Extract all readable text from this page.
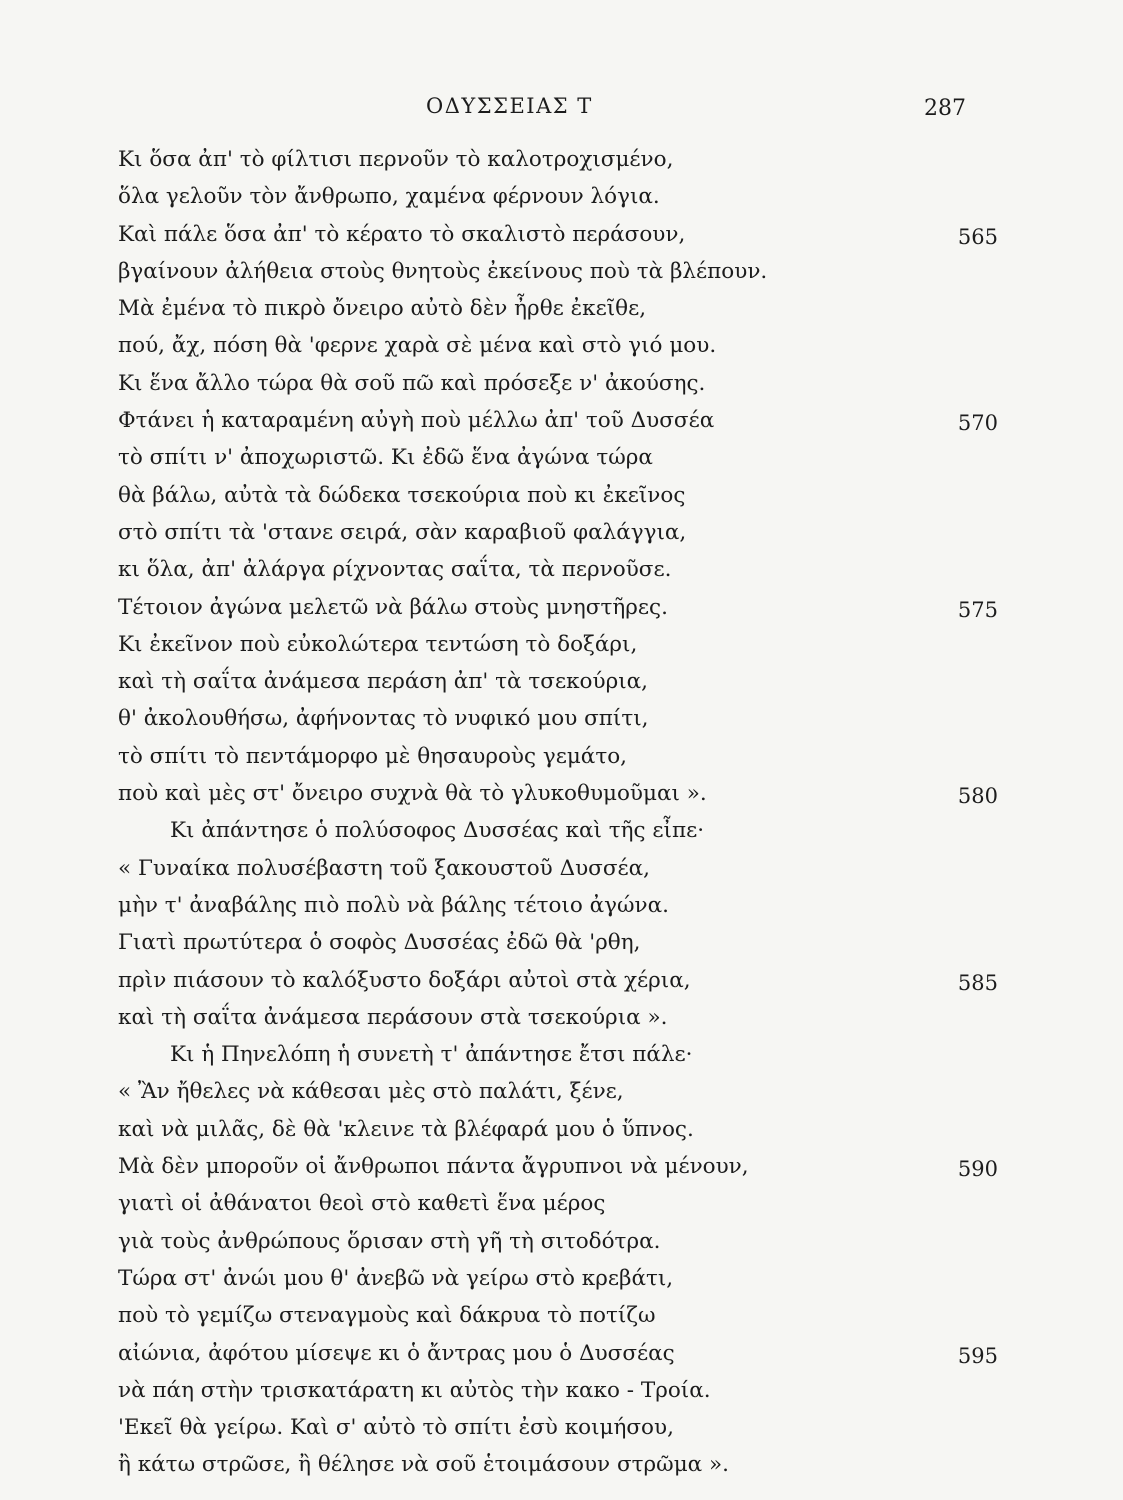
ΟΔΥΣΣΕΙΑΣ Τ	287
Κι ὅσα ἀπ' τὸ φίλτισι περνοῦν τὸ καλοτροχισμένο,
ὅλα γελοῦν τὸν ἄνθρωπο, χαμένα φέρνουν λόγια.
Καὶ πάλε ὅσα ἀπ' τὸ κέρατο τὸ σκαλιστὸ περάσουν,	565
βγαίνουν ἀλήθεια στοὺς θνητοὺς ἐκείνους ποὺ τὰ βλέπουν.
Μὰ ἐμένα τὸ πικρὸ ὄνειρο αὐτὸ δὲν ἦρθε ἐκεῖθε,
πού, ἄχ, πόση θὰ 'φερνε χαρὰ σὲ μένα καὶ στὸ γιό μου.
Κι ἕνα ἄλλο τώρα θὰ σοῦ πῶ καὶ πρόσεξε ν' ἀκούσης.
Φτάνει ἡ καταραμένη αὐγὴ ποὺ μέλλω ἀπ' τοῦ Δυσσέα	570
τὸ σπίτι ν' ἀποχωριστῶ. Κι ἐδῶ ἕνα ἀγώνα τώρα
θὰ βάλω, αὐτὰ τὰ δώδεκα τσεκούρια ποὺ κι ἐκεῖνος
στὸ σπίτι τὰ 'στανε σειρά, σὰν καραβιοῦ φαλάγγια,
κι ὅλα, ἀπ' ἀλάργα ρίχνοντας σαΐτα, τὰ περνοῦσε.
Τέτοιον ἀγώνα μελετῶ νὰ βάλω στοὺς μνηστῆρες.	575
Κι ἐκεῖνον ποὺ εὐκολώτερα τεντώση τὸ δοξάρι,
καὶ τὴ σαΐτα ἀνάμεσα περάση ἀπ' τὰ τσεκούρια,
θ' ἀκολουθήσω, ἀφήνοντας τὸ νυφικό μου σπίτι,
τὸ σπίτι τὸ πεντάμορφο μὲ θησαυροὺς γεμάτο,
ποὺ καὶ μὲς στ' ὄνειρο συχνὰ θὰ τὸ γλυκοθυμοῦμαι ».	580
Κι ἀπάντησε ὁ πολύσοφος Δυσσέας καὶ τῆς εἶπε·
« Γυναίκα πολυσέβαστη τοῦ ξακουστοῦ Δυσσέα,
μὴν τ' ἀναβάλης πιὸ πολὺ νὰ βάλης τέτοιο ἀγώνα.
Γιατὶ πρωτύτερα ὁ σοφὸς Δυσσέας ἐδῶ θὰ 'ρθη,
πρὶν πιάσουν τὸ καλόξυστο δοξάρι αὐτοὶ στὰ χέρια,	585
καὶ τὴ σαΐτα ἀνάμεσα περάσουν στὰ τσεκούρια ».
Κι ἡ Πηνελόπη ἡ συνετὴ τ' ἀπάντησε ἔτσι πάλε·
« Ἂν ἤθελες νὰ κάθεσαι μὲς στὸ παλάτι, ξένε,
καὶ νὰ μιλᾶς, δὲ θὰ 'κλεινε τὰ βλέφαρά μου ὁ ὕπνος.
Μὰ δὲν μποροῦν οἱ ἄνθρωποι πάντα ἄγρυπνοι νὰ μένουν,	590
γιατὶ οἱ ἀθάνατοι θεοὶ στὸ καθετὶ ἕνα μέρος
γιὰ τοὺς ἀνθρώπους ὅρισαν στὴ γῆ τὴ σιτοδότρα.
Τώρα στ' ἀνώι μου θ' ἀνεβῶ νὰ γείρω στὸ κρεβάτι,
ποὺ τὸ γεμίζω στεναγμοὺς καὶ δάκρυα τὸ ποτίζω
αἰώνια, ἀφότου μίσεψε κι ὁ ἄντρας μου ὁ Δυσσέας	595
νὰ πάη στὴν τρισκατάρατη κι αὐτὸς τὴν κακο - Τροία.
'Εκεῖ θὰ γείρω. Καὶ σ' αὐτὸ τὸ σπίτι ἐσὺ κοιμήσου,
ἢ κάτω στρῶσε, ἢ θέλησε νὰ σοῦ ἑτοιμάσουν στρῶμα ».
